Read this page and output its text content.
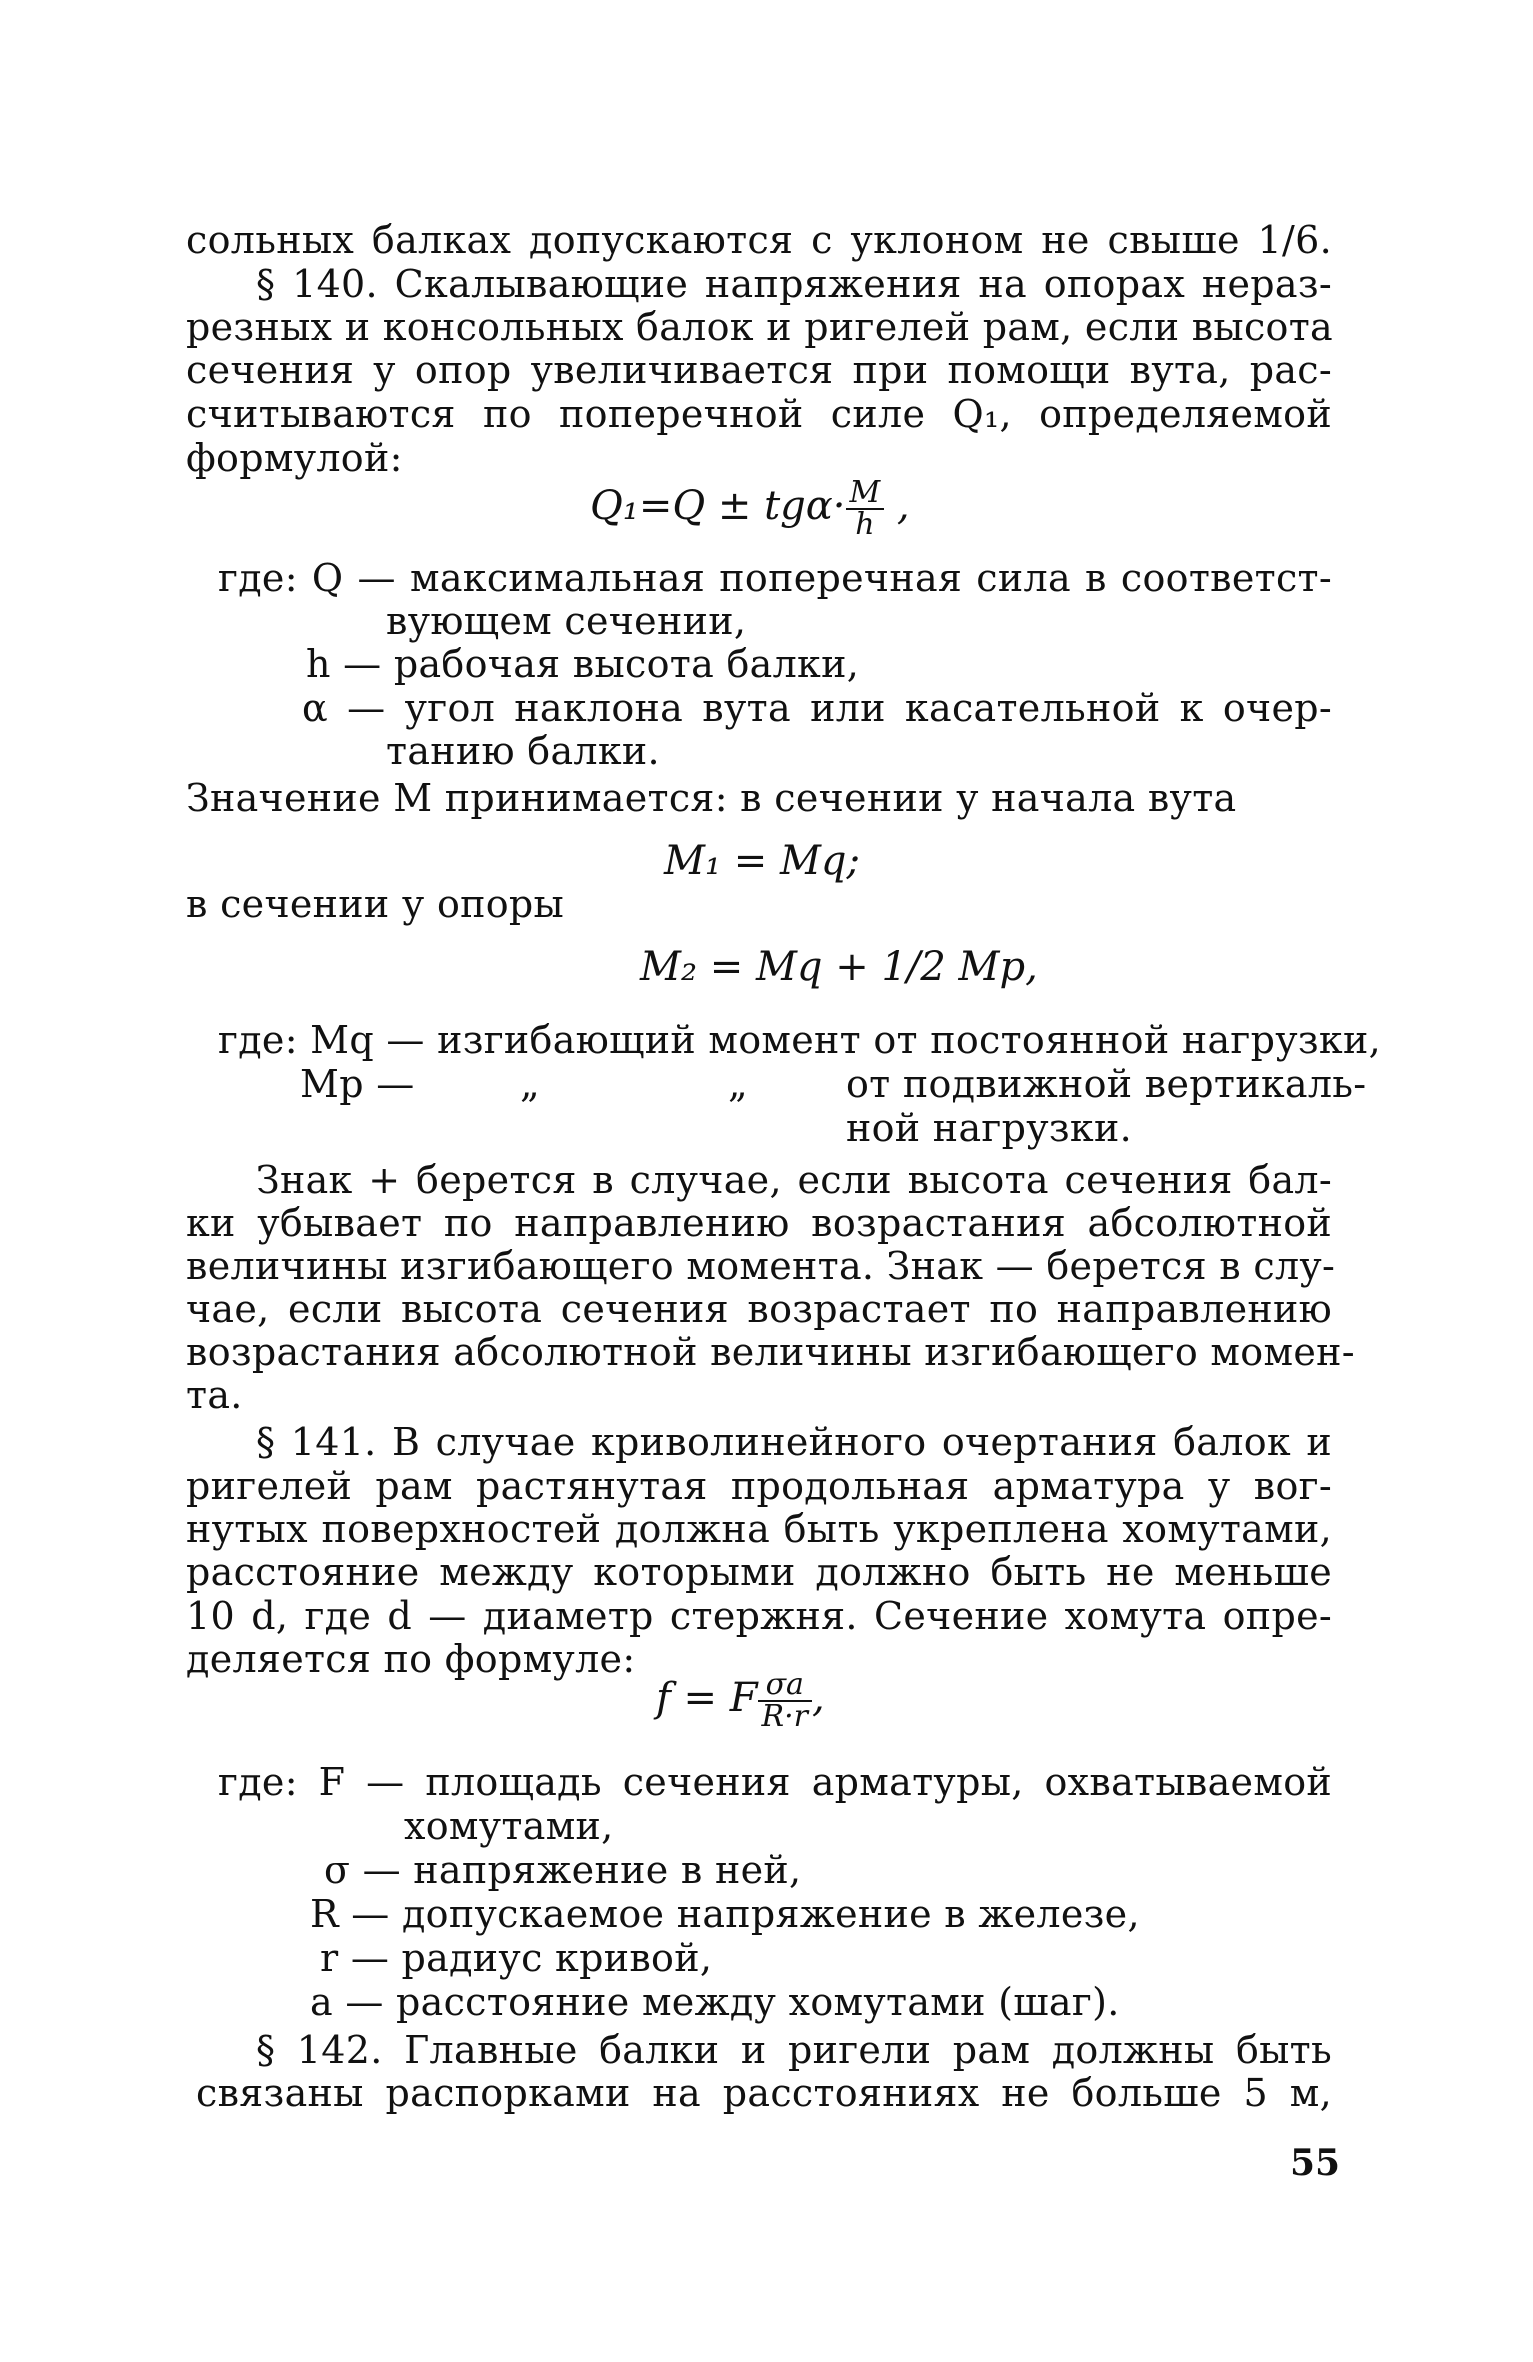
сольных балках допускаются с уклоном не свыше 1/6.
§ 140. Скалывающие напряжения на опорах нераз-
резных и консольных балок и ригелей рам, если высота
сечения у опор увеличивается при помощи вута, рас-
считываются по поперечной силе Q₁, определяемой
формулой:
$Q_1=Q \pm tg\alpha\cdot \frac{M}{h}$ ,
где: Q — максимальная поперечная сила в соответст-
вующем сечении,
h — рабочая высота балки,
α — угол наклона вута или касательной к очер-
танию балки.
Значение M принимается: в сечении у начала вута
M₁ = Mq;
в сечении у опоры
M₂ = Mq + 1/2 Mp,
где: Mq — изгибающий момент от постоянной нагрузки,
Mp —	„	„	от подвижной вертикаль-
ной нагрузки.
Знак + берется в случае, если высота сечения бал-
ки убывает по направлению возрастания абсолютной
величины изгибающего момента. Знак — берется в слу-
чае, если высота сечения возрастает по направлению
возрастания абсолютной величины изгибающего момен-
та.
§ 141. В случае криволинейного очертания балок и
ригелей рам растянутая продольная арматура у вог-
нутых поверхностей должна быть укреплена хомутами,
расстояние между которыми должно быть не меньше
10 d, где d — диаметр стержня. Сечение хомута опре-
деляется по формуле:
f = F $\frac{\sigma a}{R\cdot r}$ ,
где: F — площадь сечения арматуры, охватываемой
хомутами,
σ — напряжение в ней,
R — допускаемое напряжение в железе,
r — радиус кривой,
a — расстояние между хомутами (шаг).
§ 142. Главные балки и ригели рам должны быть
связаны распорками на расстояниях не больше 5 м,
55
